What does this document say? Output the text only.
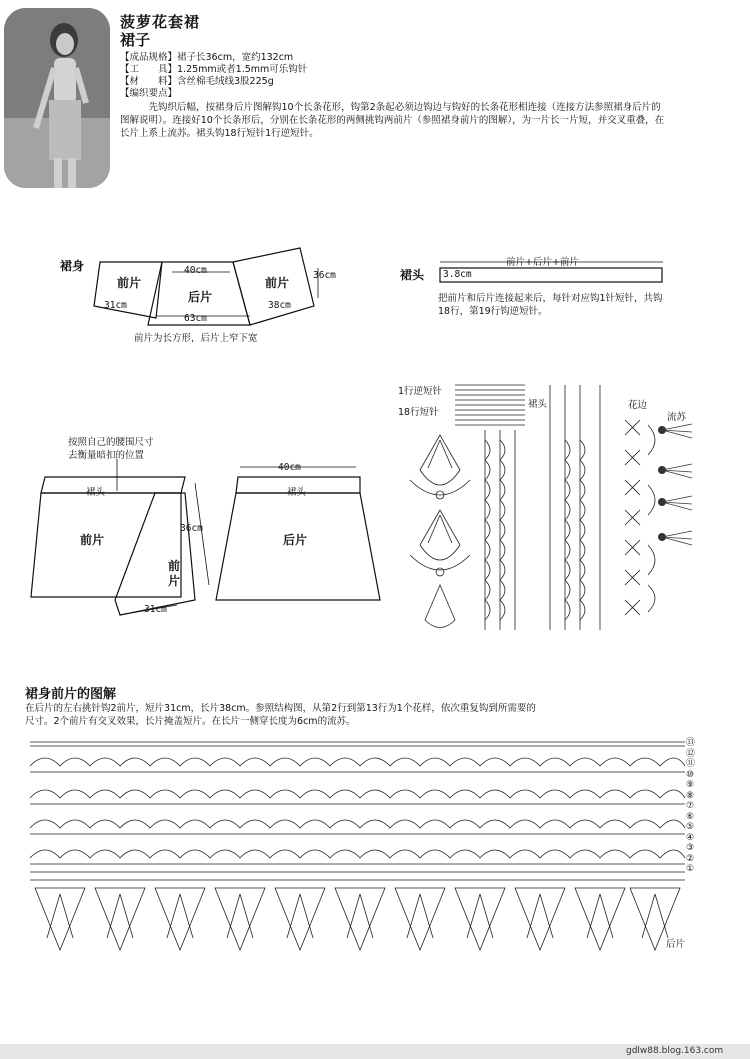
菠萝花套裙
裙子
【成品规格】裙子长36cm，宽约132cm
【工　　具】1.25mm或者1.5mm可乐钩针
【材　　料】含丝棉毛绒线3股225g
【编织要点】
先钩织后幅，按裙身后片图解钩10个长条花形，钩第2条起必须边钩边与钩好的长条花形相连接（连接方法参照裙身后片的图解说明）。连接好10个长条形后，分别在长条花形的两侧挑钩两前片（参照裙身前片的图解），为一片长一片短，并交叉重叠，在长片上系上流苏。裙头钩18行短针1行逆短针。
裙身
前片
后片
前片
40cm	36cm
31cm	38cm
63cm
前片为长方形，后片上窄下宽
裙头
前片+后片+前片
3.8cm
把前片和后片连接起来后，每针对应钩1针短针，共钩18行，第19行钩逆短针。
按照自己的腰围尺寸
去衡量暗扣的位置
裙头
前片
前
片
36cm
31cm
40cm
裙头
后片
1行逆短针
18行短针
裙头	花边
流苏
裙身前片的图解
在后片的左右挑针钩2前片，短片31cm，长片38cm。参照结构图，从第2行到第13行为1个花样，依次重复钩到所需要的尺寸。2个前片有交叉效果，长片掩盖短片。在长片一侧穿长度为6cm的流苏。
⑬
⑫
⑪
⑩
⑨
⑧
⑦
⑥
⑤
④
③
②
①
后片
gdlw88.blog.163.com
